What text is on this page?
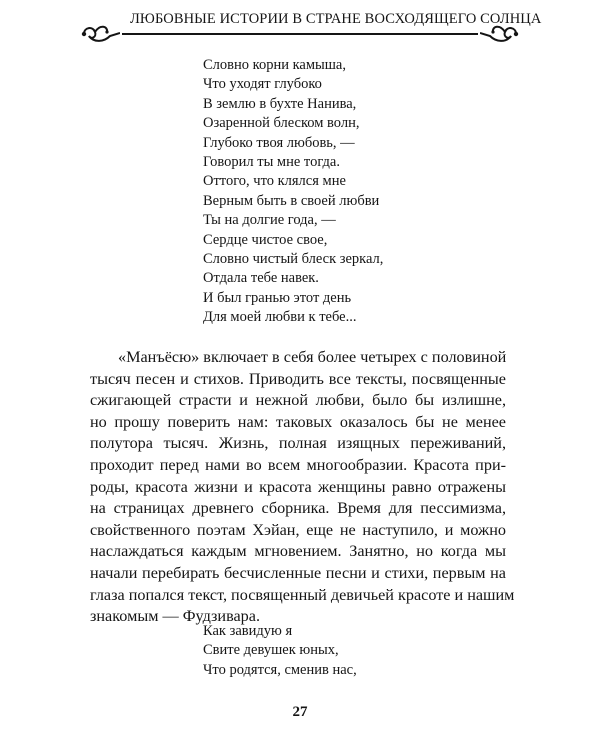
ЛЮБОВНЫЕ ИСТОРИИ В СТРАНЕ ВОСХОДЯЩЕГО СОЛНЦА
Словно корни камыша,
Что уходят глубоко
В землю в бухте Нанива,
Озаренной блеском волн,
Глубоко твоя любовь, —
Говорил ты мне тогда.
Оттого, что клялся мне
Верным быть в своей любви
Ты на долгие года, —
Сердце чистое свое,
Словно чистый блеск зеркал,
Отдала тебе навек.
И был гранью этот день
Для моей любви к тебе...
«Манъёсю» включает в себя более четырех с половиной
тысяч песен и стихов. Приводить все тексты, посвященные
сжигающей страсти и нежной любви, было бы излишне,
но прошу поверить нам: таковых оказалось бы не менее
полутора тысяч. Жизнь, полная изящных переживаний,
проходит перед нами во всем многообразии. Красота при-
роды, красота жизни и красота женщины равно отражены
на страницах древнего сборника. Время для пессимизма,
свойственного поэтам Хэйан, еще не наступило, и можно
наслаждаться каждым мгновением. Занятно, но когда мы
начали перебирать бесчисленные песни и стихи, первым на
глаза попался текст, посвященный девичьей красоте и нашим
знакомым — Фудзивара.
Как завидую я
Свите девушек юных,
Что родятся, сменив нас,
27
